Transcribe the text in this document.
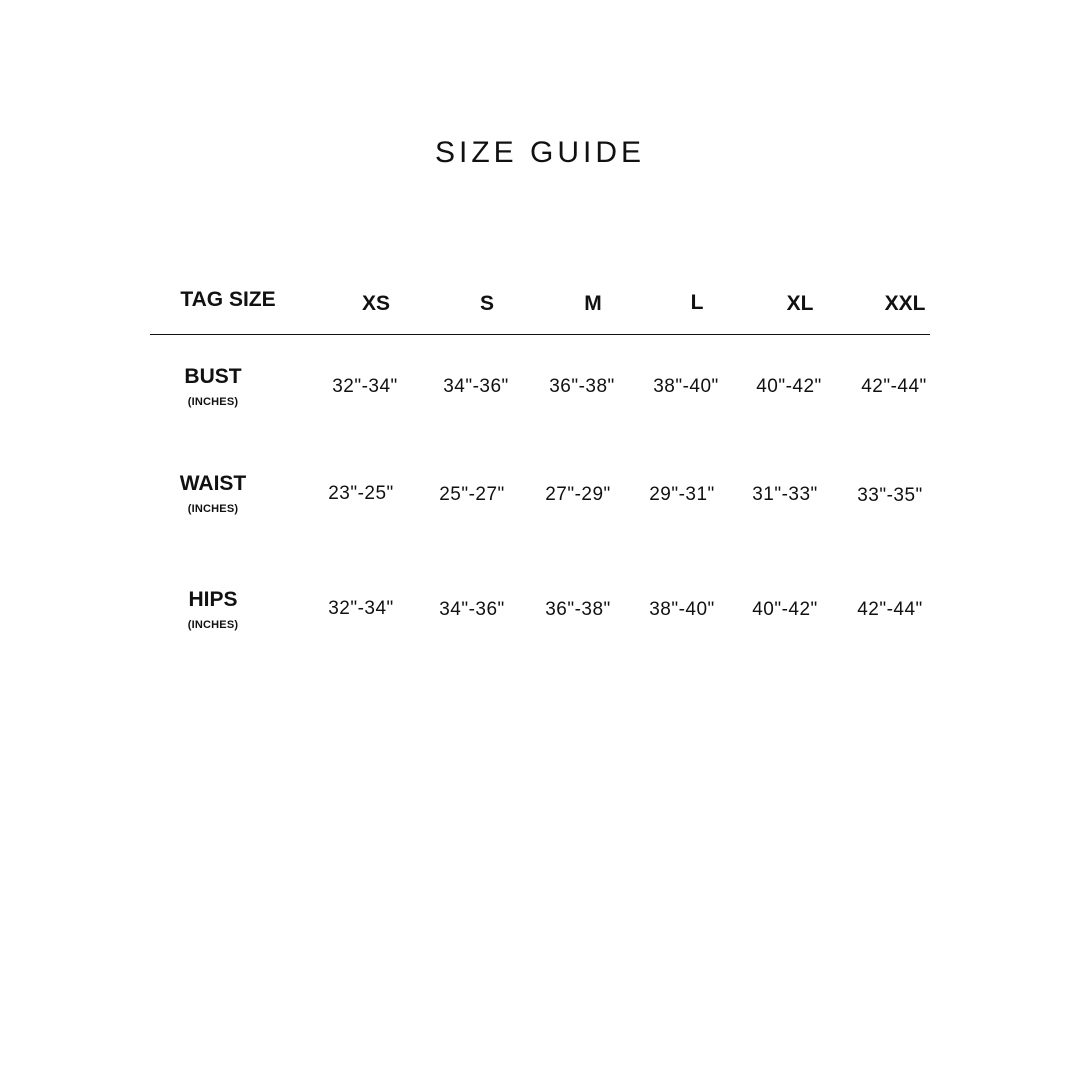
SIZE GUIDE
TAG SIZE	XS	S	M	L	XL	XXL
BUST
(INCHES)
32"-34" 34"-36" 36"-38" 38"-40" 40"-42" 42"-44"
WAIST
(INCHES)
23"-25" 25"-27" 27"-29" 29"-31" 31"-33" 33"-35"
HIPS
(INCHES)
32"-34" 34"-36" 36"-38" 38"-40" 40"-42" 42"-44"
